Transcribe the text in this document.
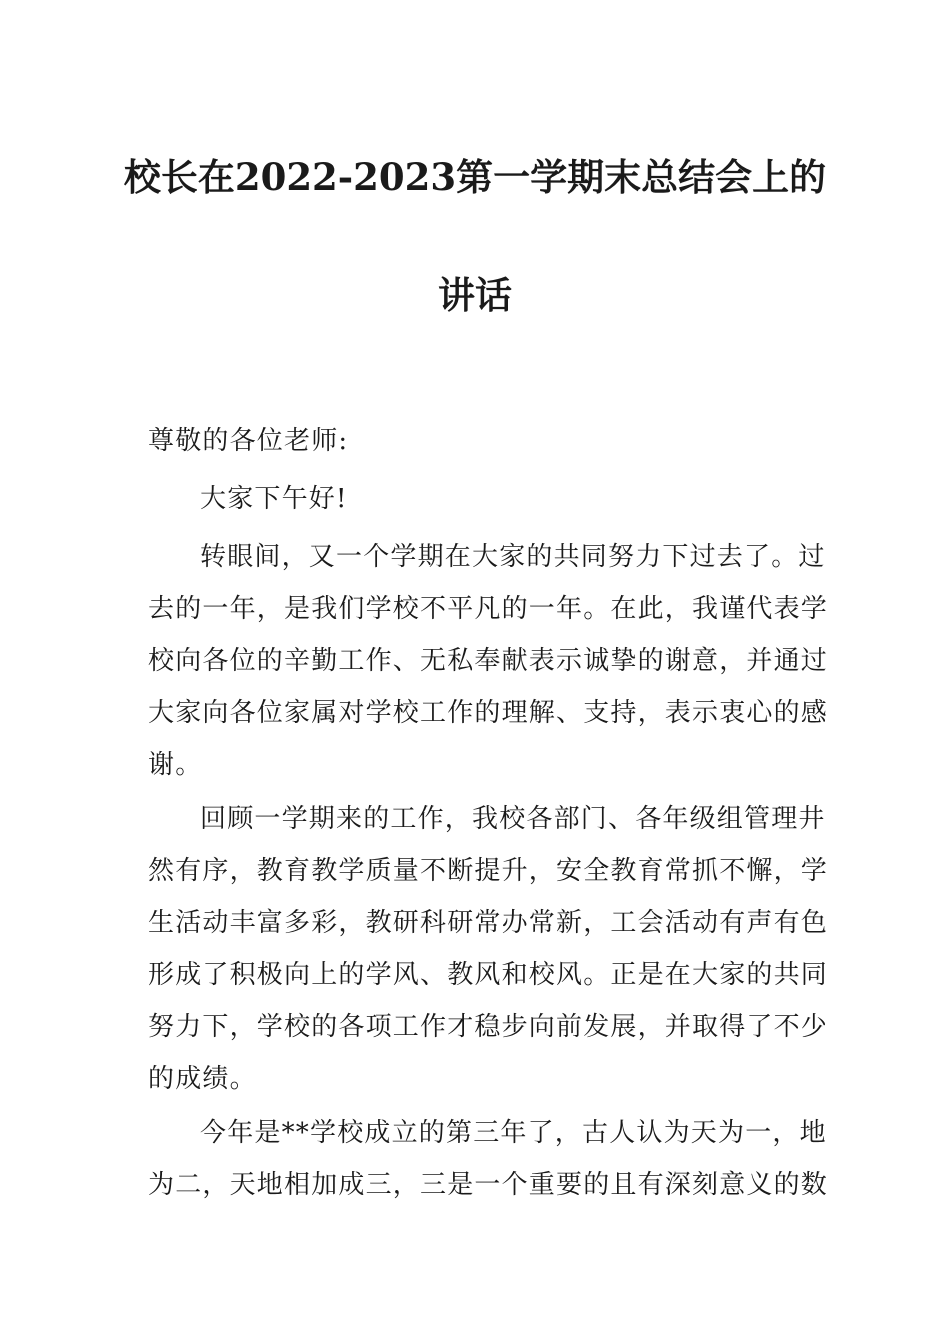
校长在2022-2023第一学期末总结会上的
讲话
尊敬的各位老师:
大家下午好!
转眼间，又一个学期在大家的共同努力下过去了。过
去的一年，是我们学校不平凡的一年。在此，我谨代表学
校向各位的辛勤工作、无私奉献表示诚挚的谢意，并通过
大家向各位家属对学校工作的理解、支持，表示衷心的感
谢。
回顾一学期来的工作，我校各部门、各年级组管理井
然有序，教育教学质量不断提升，安全教育常抓不懈，学
生活动丰富多彩，教研科研常办常新，工会活动有声有色
形成了积极向上的学风、教风和校风。正是在大家的共同
努力下，学校的各项工作才稳步向前发展，并取得了不少
的成绩。
今年是**学校成立的第三年了，古人认为天为一，地
为二，天地相加成三，三是一个重要的且有深刻意义的数
